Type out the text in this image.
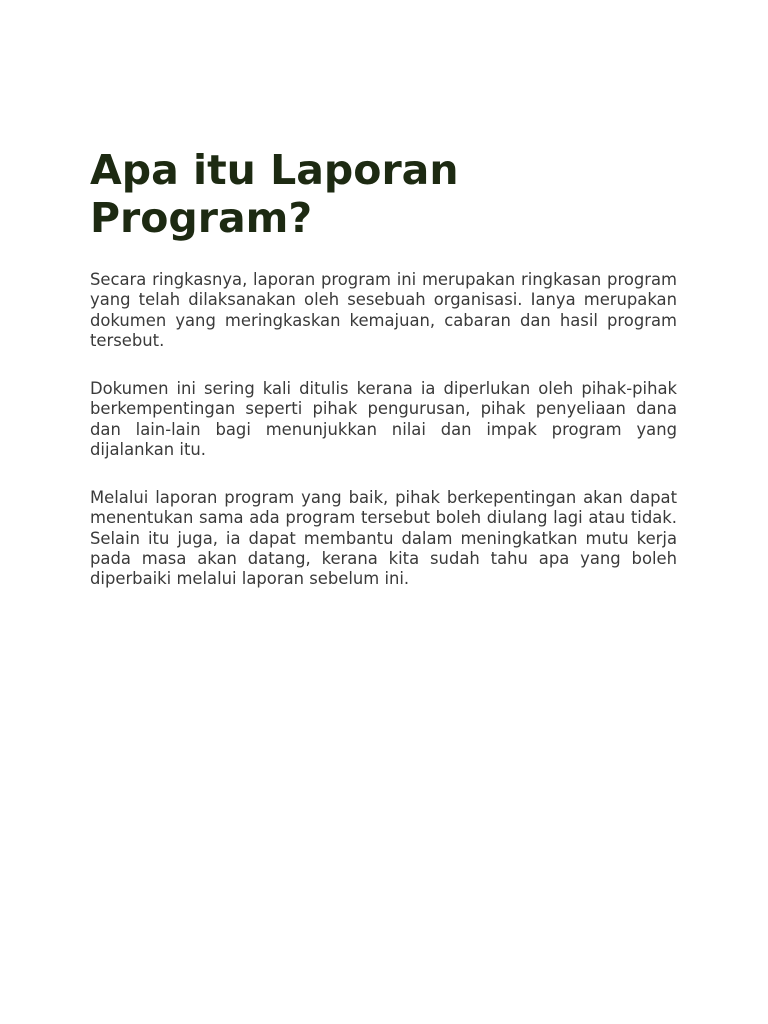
Apa itu Laporan Program?

Secara ringkasnya, laporan program ini merupakan ringkasan program yang telah dilaksanakan oleh sesebuah organisasi. Ianya merupakan dokumen yang meringkaskan kemajuan, cabaran dan hasil program tersebut.

Dokumen ini sering kali ditulis kerana ia diperlukan oleh pihak-pihak berkempentingan seperti pihak pengurusan, pihak penyeliaan dana dan lain-lain bagi menunjukkan nilai dan impak program yang dijalankan itu.

Melalui laporan program yang baik, pihak berkepentingan akan dapat menentukan sama ada program tersebut boleh diulang lagi atau tidak. Selain itu juga, ia dapat membantu dalam meningkatkan mutu kerja pada masa akan datang, kerana kita sudah tahu apa yang boleh diperbaiki melalui laporan sebelum ini.
